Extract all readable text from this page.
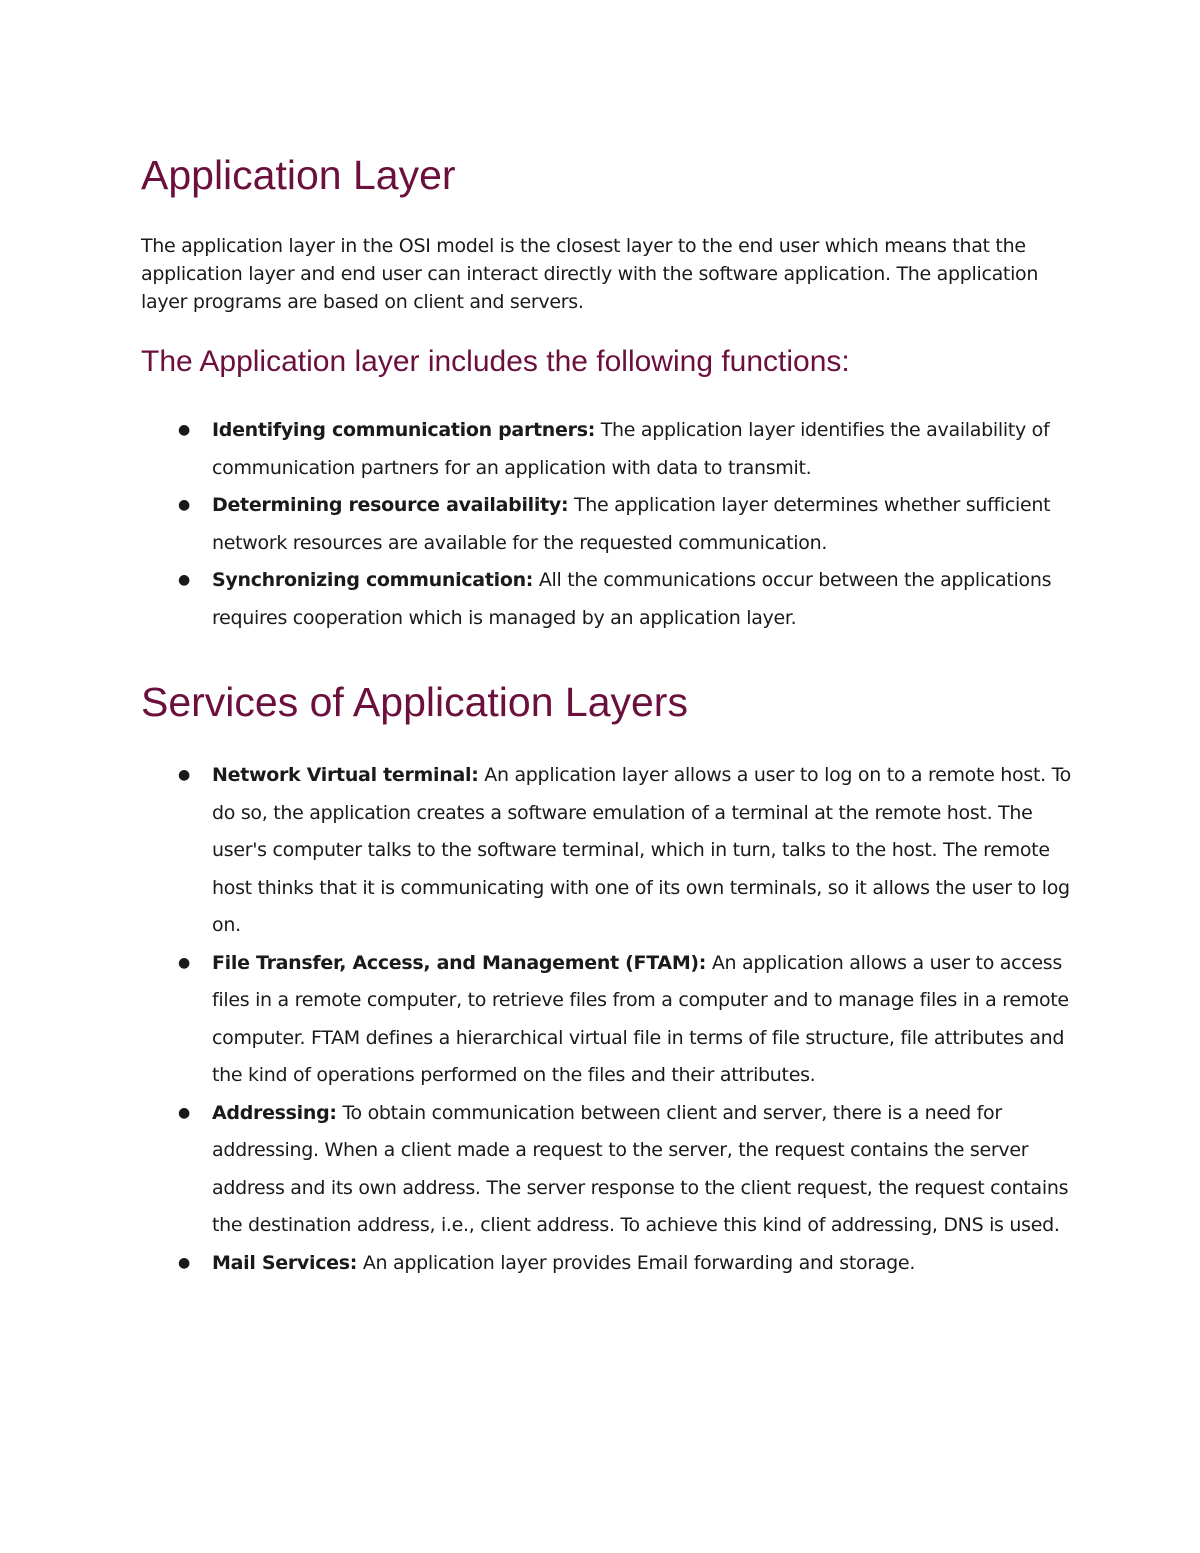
Application Layer

The application layer in the OSI model is the closest layer to the end user which means that the application layer and end user can interact directly with the software application. The application layer programs are based on client and servers.

The Application layer includes the following functions:
● Identifying communication partners: The application layer identifies the availability of communication partners for an application with data to transmit.
● Determining resource availability: The application layer determines whether sufficient network resources are available for the requested communication.
● Synchronizing communication: All the communications occur between the applications requires cooperation which is managed by an application layer.
Services of Application Layers
● Network Virtual terminal: An application layer allows a user to log on to a remote host. To do so, the application creates a software emulation of a terminal at the remote host. The user's computer talks to the software terminal, which in turn, talks to the host. The remote host thinks that it is communicating with one of its own terminals, so it allows the user to log on.
● File Transfer, Access, and Management (FTAM): An application allows a user to access files in a remote computer, to retrieve files from a computer and to manage files in a remote computer. FTAM defines a hierarchical virtual file in terms of file structure, file attributes and the kind of operations performed on the files and their attributes.
● Addressing: To obtain communication between client and server, there is a need for addressing. When a client made a request to the server, the request contains the server address and its own address. The server response to the client request, the request contains the destination address, i.e., client address. To achieve this kind of addressing, DNS is used.
● Mail Services: An application layer provides Email forwarding and storage.
